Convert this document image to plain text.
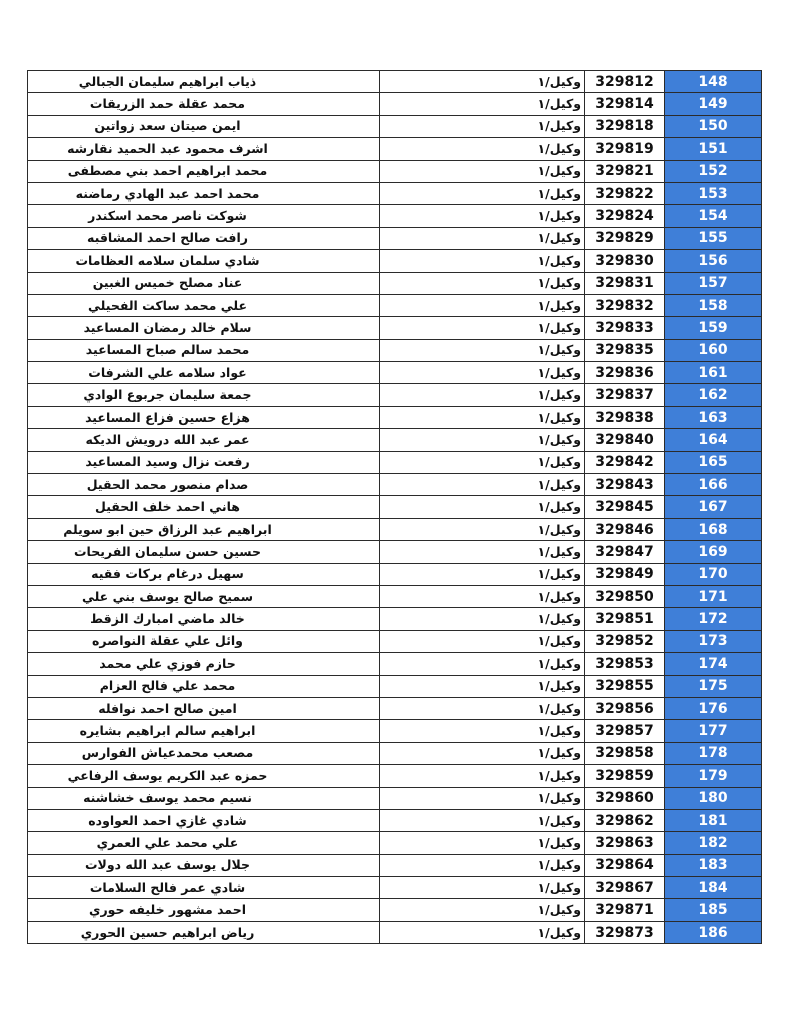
ذياب ابراهيم سليمان الجبالي	وكيل/١	329812	148
محمد عقلة حمد الزريقات	وكيل/١	329814	149
ايمن صيتان سعد زواتين	وكيل/١	329818	150
اشرف محمود عبد الحميد نقارشه	وكيل/١	329819	151
محمد ابراهيم احمد بني مصطفى	وكيل/١	329821	152
محمد احمد عبد الهادي رماضنه	وكيل/١	329822	153
شوكت ناصر محمد اسكندر	وكيل/١	329824	154
رافت صالح احمد المشاقبه	وكيل/١	329829	155
شادي سلمان سلامه العظامات	وكيل/١	329830	156
عناد مصلح خميس الغبين	وكيل/١	329831	157
علي محمد ساكت الفحيلي	وكيل/١	329832	158
سلام خالد رمضان المساعيد	وكيل/١	329833	159
محمد سالم صباح المساعيد	وكيل/١	329835	160
عواد سلامه علي الشرفات	وكيل/١	329836	161
جمعة سليمان جربوع الوادي	وكيل/١	329837	162
هزاع حسين فزاع المساعيد	وكيل/١	329838	163
عمر عبد الله درويش الديكه	وكيل/١	329840	164
رفعت نزال وسيد المساعيد	وكيل/١	329842	165
صدام منصور محمد الحقيل	وكيل/١	329843	166
هاني احمد خلف الحقيل	وكيل/١	329845	167
ابراهيم عبد الرزاق حين ابو سويلم	وكيل/١	329846	168
حسين حسن سليمان الفريحات	وكيل/١	329847	169
سهيل درغام بركات فقيه	وكيل/١	329849	170
سميح صالح يوسف بني علي	وكيل/١	329850	171
خالد ماضي امبارك الزقط	وكيل/١	329851	172
وائل علي عقلة النواصره	وكيل/١	329852	173
حازم فوزي علي محمد	وكيل/١	329853	174
محمد علي فالح العزام	وكيل/١	329855	175
امين صالح احمد نوافله	وكيل/١	329856	176
ابراهيم سالم ابراهيم بشايره	وكيل/١	329857	177
مصعب محمدعياش الفوارس	وكيل/١	329858	178
حمزه عبد الكريم يوسف الرفاعي	وكيل/١	329859	179
نسيم محمد يوسف خشاشنه	وكيل/١	329860	180
شادي غازي احمد العواوده	وكيل/١	329862	181
علي محمد علي العمري	وكيل/١	329863	182
جلال يوسف عبد الله دولات	وكيل/١	329864	183
شادي عمر فالح السلامات	وكيل/١	329867	184
احمد مشهور خليفه حوري	وكيل/١	329871	185
رياض ابراهيم حسين الحوري	وكيل/١	329873	186
